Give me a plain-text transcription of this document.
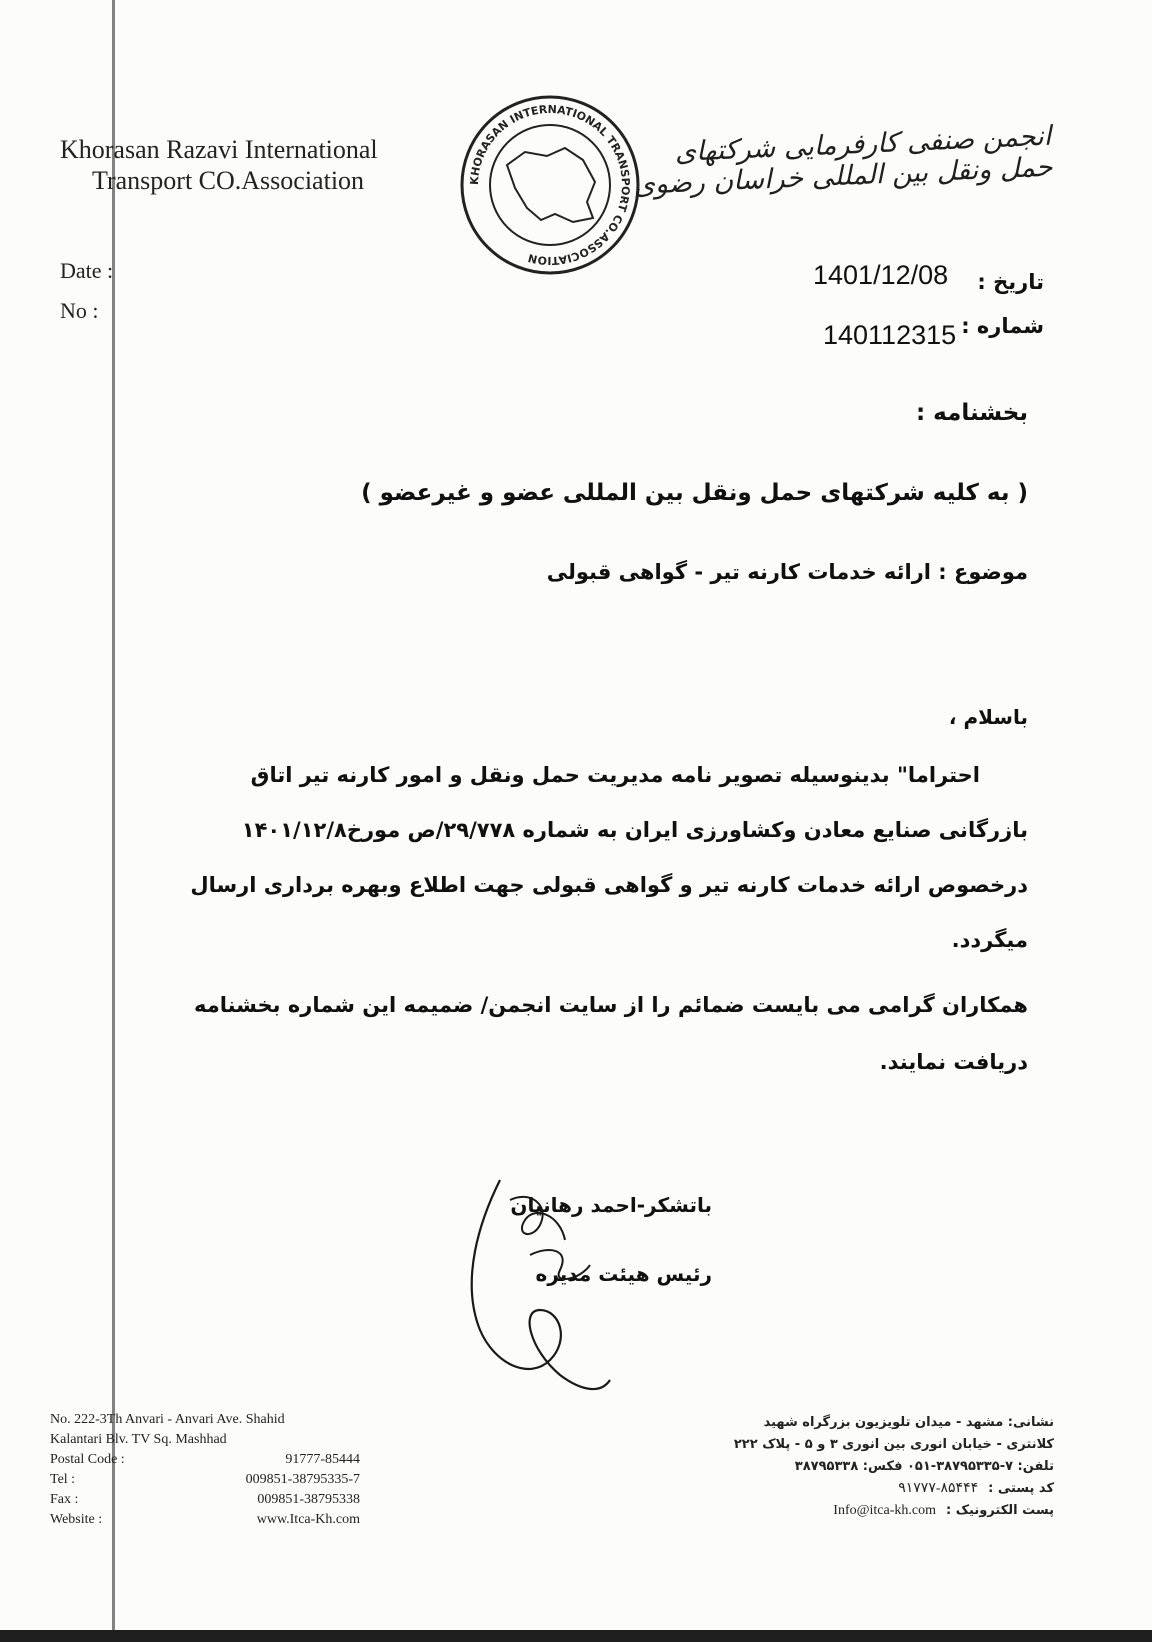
Khorasan Razavi International
Transport CO.Association	KHORASAN INTERNATIONAL TRANSPORT CO.ASSOCIATION
انجمن صنفی کارفرمایی شرکتهای حمل ونقل بین المللی خراسان رضوی
Date :
No :
1401/12/08 تاریخ :
140112315 شماره :
بخشنامه :
( به کلیه شرکتهای حمل ونقل بین المللی عضو و غیرعضو )
موضوع : ارائه خدمات کارنه تیر - گواهی قبولی
باسلام ،
احتراما" بدینوسیله تصویر نامه مدیریت حمل ونقل و امور کارنه تیر اتاق
بازرگانی صنایع معادن وکشاورزی ایران به شماره ۲۹/۷۷۸/ص مورخ۱۴۰۱/۱۲/۸
درخصوص ارائه خدمات کارنه تیر و گواهی قبولی جهت اطلاع وبهره برداری ارسال
میگردد.
همکاران گرامی می بایست ضمائم را از سایت انجمن/ ضمیمه این شماره بخشنامه
دریافت نمایند.
باتشکر-احمد رهانیان
رئیس هیئت مدیره
No. 222-3Th Anvari - Anvari Ave. Shahid
Kalantari Blv. TV Sq. Mashhad
Postal Code :	91777-85444
Tel :	009851-38795335-7
Fax :	009851-38795338
Website :	www.Itca-Kh.com
نشانی: مشهد - میدان تلویزیون بزرگراه شهید
کلانتری - خیابان انوری بین انوری ۳ و ۵ - پلاک ۲۲۲
تلفن: ۷-۳۸۷۹۵۳۳۵-۰۵۱ فکس: ۳۸۷۹۵۳۳۸
کد پستی :
۹۱۷۷۷-۸۵۴۴۴
پست الکترونیک :
Info@itca-kh.com
